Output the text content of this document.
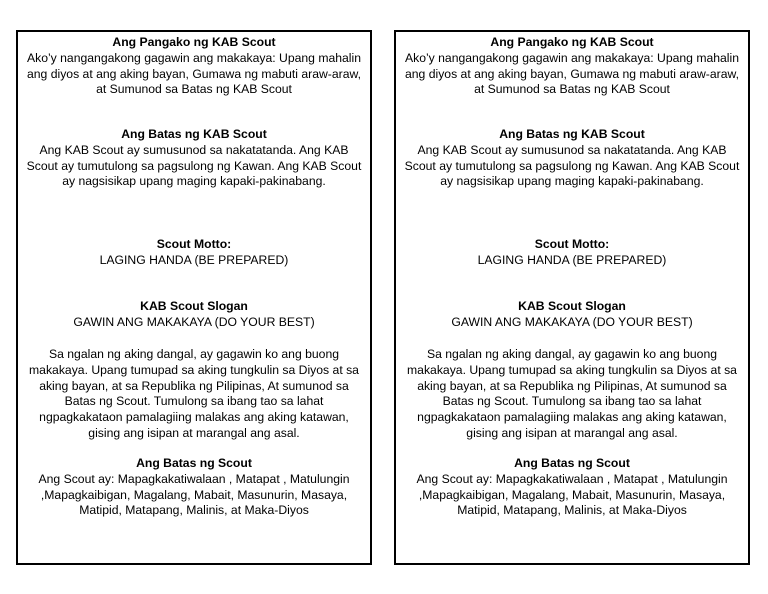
Ang Pangako ng KAB Scout
Ako’y nangangakong gagawin ang makakaya: Upang mahalin ang diyos at ang aking bayan, Gumawa ng mabuti araw-araw, at Sumunod sa Batas ng KAB Scout
Ang Batas ng KAB Scout
Ang KAB Scout ay sumusunod sa nakatatanda. Ang KAB Scout ay tumutulong sa pagsulong ng Kawan. Ang KAB Scout ay nagsisikap upang maging kapaki-pakinabang.
Scout Motto:
LAGING HANDA (BE PREPARED)
KAB Scout Slogan
GAWIN ANG MAKAKAYA (DO YOUR BEST)
Sa ngalan ng aking dangal, ay gagawin ko ang buong makakaya. Upang tumupad sa aking tungkulin sa Diyos at sa aking bayan, at sa Republika ng Pilipinas, At sumunod sa Batas ng Scout. Tumulong sa ibang tao sa lahat ngpagkakataon pamalagiing malakas ang aking katawan, gising ang isipan at marangal ang asal.
Ang Batas ng Scout
Ang Scout ay: Mapagkakatiwalaan , Matapat , Matulungin ,Mapagkaibigan, Magalang, Mabait, Masunurin, Masaya, Matipid, Matapang, Malinis, at Maka-Diyos
Ang Pangako ng KAB Scout
Ako’y nangangakong gagawin ang makakaya: Upang mahalin ang diyos at ang aking bayan, Gumawa ng mabuti araw-araw, at Sumunod sa Batas ng KAB Scout
Ang Batas ng KAB Scout
Ang KAB Scout ay sumusunod sa nakatatanda. Ang KAB Scout ay tumutulong sa pagsulong ng Kawan. Ang KAB Scout ay nagsisikap upang maging kapaki-pakinabang.
Scout Motto:
LAGING HANDA (BE PREPARED)
KAB Scout Slogan
GAWIN ANG MAKAKAYA (DO YOUR BEST)
Sa ngalan ng aking dangal, ay gagawin ko ang buong makakaya. Upang tumupad sa aking tungkulin sa Diyos at sa aking bayan, at sa Republika ng Pilipinas, At sumunod sa Batas ng Scout. Tumulong sa ibang tao sa lahat ngpagkakataon pamalagiing malakas ang aking katawan, gising ang isipan at marangal ang asal.
Ang Batas ng Scout
Ang Scout ay: Mapagkakatiwalaan , Matapat , Matulungin ,Mapagkaibigan, Magalang, Mabait, Masunurin, Masaya, Matipid, Matapang, Malinis, at Maka-Diyos
